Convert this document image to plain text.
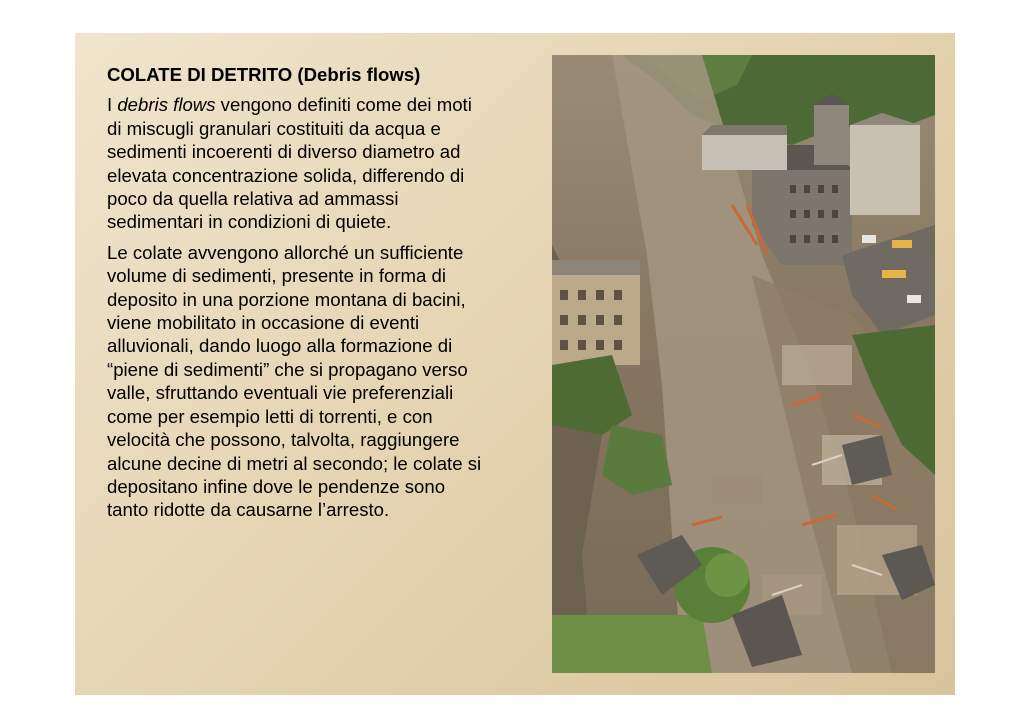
COLATE DI DETRITO (Debris flows)

I debris flows vengono definiti come dei moti di miscugli granulari costituiti da acqua e sedimenti incoerenti di diverso diametro ad elevata concentrazione solida, differendo di poco da quella relativa ad ammassi sedimentari in condizioni di quiete.

Le colate avvengono allorché un sufficiente volume di sedimenti, presente in forma di deposito in una porzione montana di bacini, viene mobilitato in occasione di eventi alluvionali, dando luogo alla formazione di “piene di sedimenti” che si propagano verso valle, sfruttando eventuali vie preferenziali come per esempio letti di torrenti, e con velocità che possono, talvolta, raggiungere alcune decine di metri al secondo; le colate si depositano infine dove le pendenze sono tanto ridotte da causarne l’arresto.
